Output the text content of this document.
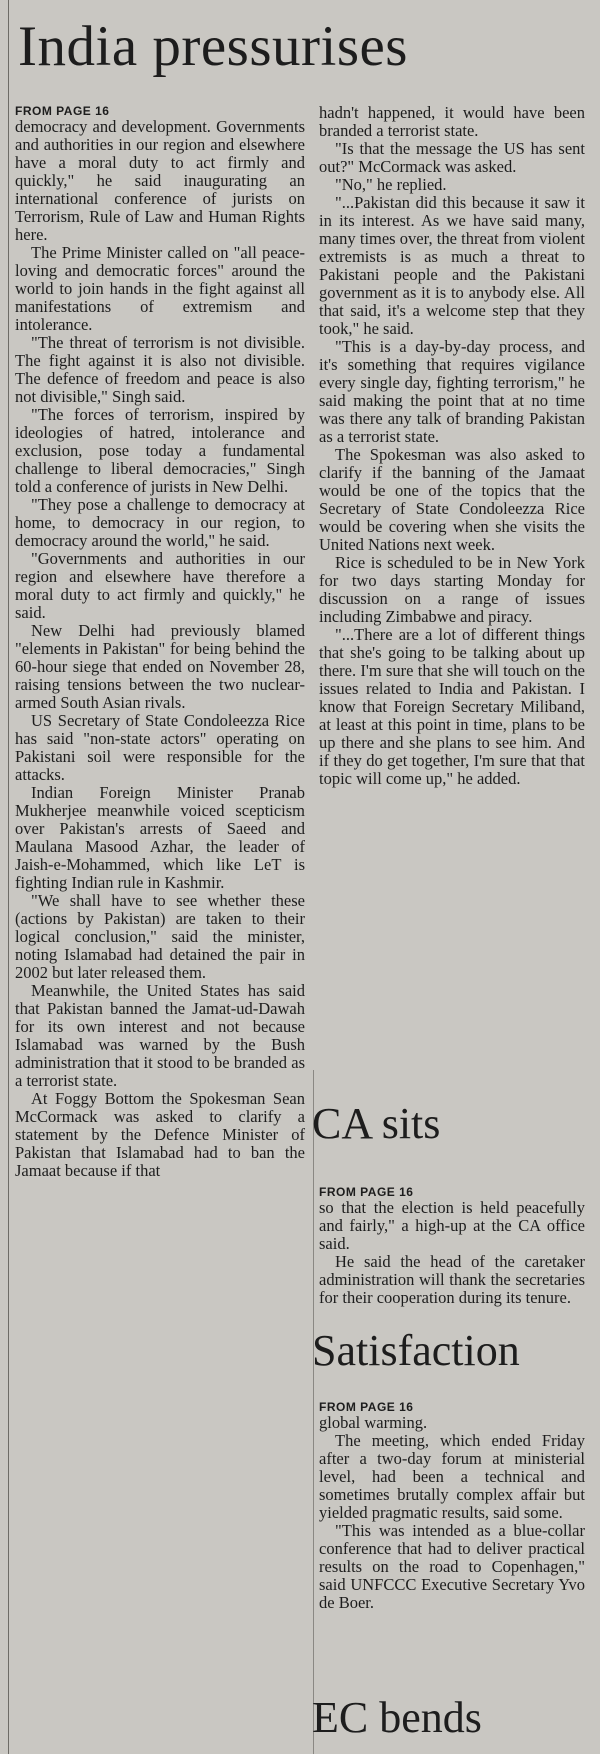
India pressurises
FROM PAGE 16

democracy and development. Governments and authorities in our region and elsewhere have a moral duty to act firmly and quickly," he said inaugurating an international conference of jurists on Terrorism, Rule of Law and Human Rights here.

The Prime Minister called on "all peace-loving and democratic forces" around the world to join hands in the fight against all manifestations of extremism and intolerance.

"The threat of terrorism is not divisible. The fight against it is also not divisible. The defence of freedom and peace is also not divisible," Singh said.

"The forces of terrorism, inspired by ideologies of hatred, intolerance and exclusion, pose today a fundamental challenge to liberal democracies," Singh told a conference of jurists in New Delhi.

"They pose a challenge to democracy at home, to democracy in our region, to democracy around the world," he said.

"Governments and authorities in our region and elsewhere have therefore a moral duty to act firmly and quickly," he said.

New Delhi had previously blamed "elements in Pakistan" for being behind the 60-hour siege that ended on November 28, raising tensions between the two nuclear-armed South Asian rivals.

US Secretary of State Condoleezza Rice has said "non-state actors" operating on Pakistani soil were responsible for the attacks.

Indian Foreign Minister Pranab Mukherjee meanwhile voiced scepticism over Pakistan's arrests of Saeed and Maulana Masood Azhar, the leader of Jaish-e-Mohammed, which like LeT is fighting Indian rule in Kashmir.

"We shall have to see whether these (actions by Pakistan) are taken to their logical conclusion," said the minister, noting Islamabad had detained the pair in 2002 but later released them.

Meanwhile, the United States has said that Pakistan banned the Jamat-ud-Dawah for its own interest and not because Islamabad was warned by the Bush administration that it stood to be branded as a terrorist state.

At Foggy Bottom the Spokesman Sean McCormack was asked to clarify a statement by the Defence Minister of Pakistan that Islamabad had to ban the Jamaat because if that

hadn't happened, it would have been branded a terrorist state.

"Is that the message the US has sent out?" McCormack was asked.

"No," he replied.

"...Pakistan did this because it saw it in its interest. As we have said many, many times over, the threat from violent extremists is as much a threat to Pakistani people and the Pakistani government as it is to anybody else. All that said, it's a welcome step that they took," he said.

"This is a day-by-day process, and it's something that requires vigilance every single day, fighting terrorism," he said making the point that at no time was there any talk of branding Pakistan as a terrorist state.

The Spokesman was also asked to clarify if the banning of the Jamaat would be one of the topics that the Secretary of State Condoleezza Rice would be covering when she visits the United Nations next week.

Rice is scheduled to be in New York for two days starting Monday for discussion on a range of issues including Zimbabwe and piracy.

"...There are a lot of different things that she's going to be talking about up there. I'm sure that she will touch on the issues related to India and Pakistan. I know that Foreign Secretary Miliband, at least at this point in time, plans to be up there and she plans to see him. And if they do get together, I'm sure that that topic will come up," he added.

CA sits
FROM PAGE 16

so that the election is held peacefully and fairly," a high-up at the CA office said.

He said the head of the caretaker administration will thank the secretaries for their cooperation during its tenure.

Satisfaction
FROM PAGE 16

global warming.

The meeting, which ended Friday after a two-day forum at ministerial level, had been a technical and sometimes brutally complex affair but yielded pragmatic results, said some.

"This was intended as a blue-collar conference that had to deliver practical results on the road to Copenhagen," said UNFCCC Executive Secretary Yvo de Boer.

EC bends
